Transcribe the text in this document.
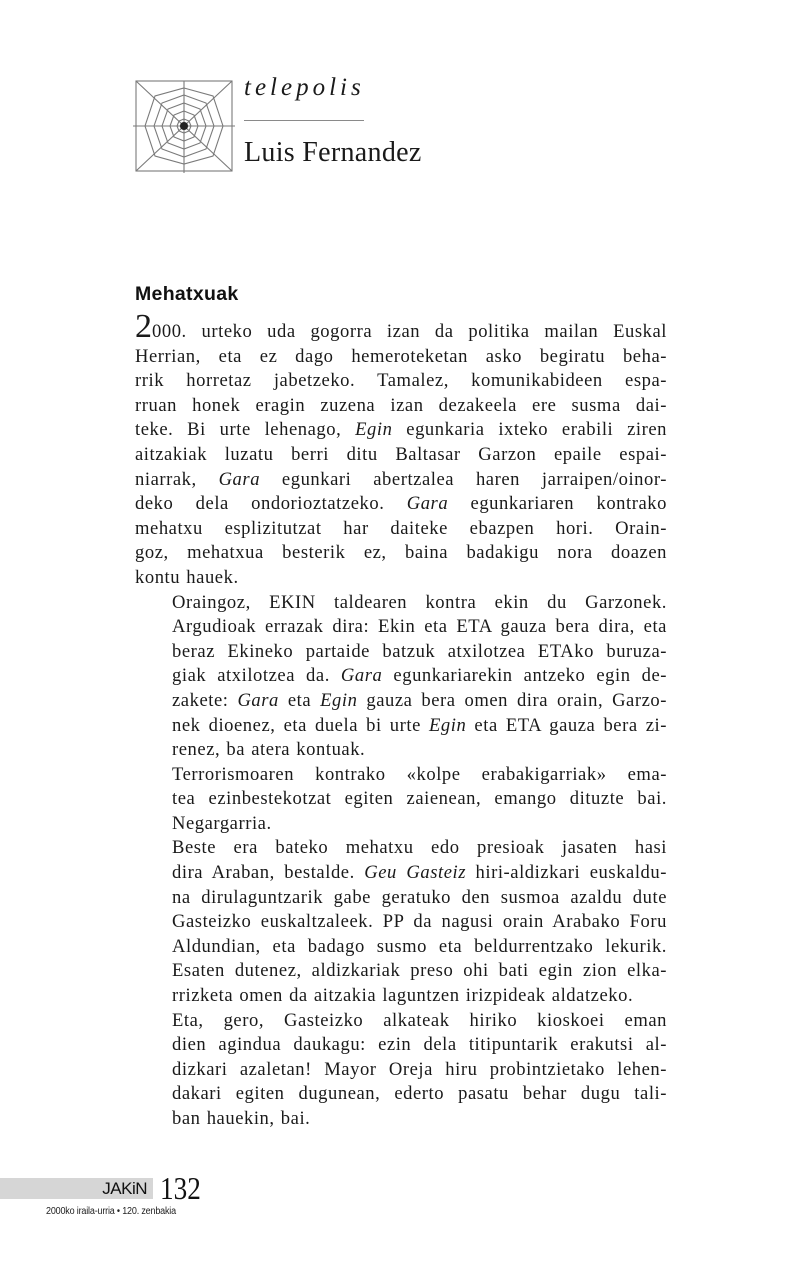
telepolis
Luis Fernandez
Mehatxuak

2000. urteko uda gogorra izan da politika mailan Euskal
Herrian, eta ez dago hemeroteketan asko begiratu beha-
rrik horretaz jabetzeko. Tamalez, komunikabideen espa-
rruan honek eragin zuzena izan dezakeela ere susma dai-
teke. Bi urte lehenago, Egin egunkaria ixteko erabili ziren
aitzakiak luzatu berri ditu Baltasar Garzon epaile espai-
niarrak, Gara egunkari abertzalea haren jarraipen/oinor-
deko dela ondorioztatzeko. Gara egunkariaren kontrako
mehatxu esplizitutzat har daiteke ebazpen hori. Orain-
goz, mehatxua besterik ez, baina badakigu nora doazen
kontu hauek.

Oraingoz, EKIN taldearen kontra ekin du Garzonek.
Argudioak errazak dira: Ekin eta ETA gauza bera dira, eta
beraz Ekineko partaide batzuk atxilotzea ETAko buruza-
giak atxilotzea da. Gara egunkariarekin antzeko egin de-
zakete: Gara eta Egin gauza bera omen dira orain, Garzo-
nek dioenez, eta duela bi urte Egin eta ETA gauza bera zi-
renez, ba atera kontuak.

Terrorismoaren kontrako «kolpe erabakigarriak» ema-
tea ezinbestekotzat egiten zaienean, emango dituzte bai.
Negargarria.

Beste era bateko mehatxu edo presioak jasaten hasi
dira Araban, bestalde. Geu Gasteiz hiri-aldizkari euskaldu-
na dirulaguntzarik gabe geratuko den susmoa azaldu dute
Gasteizko euskaltzaleek. PP da nagusi orain Arabako Foru
Aldundian, eta badago susmo eta beldurrentzako lekurik.
Esaten dutenez, aldizkariak preso ohi bati egin zion elka-
rrizketa omen da aitzakia laguntzen irizpideak aldatzeko.

Eta, gero, Gasteizko alkateak hiriko kioskoei eman
dien agindua daukagu: ezin dela titipuntarik erakutsi al-
dizkari azaletan! Mayor Oreja hiru probintzietako lehen-
dakari egiten dugunean, ederto pasatu behar dugu tali-
ban hauekin, bai.

JAKiN 132
2000ko iraila-urria • 120. zenbakia
